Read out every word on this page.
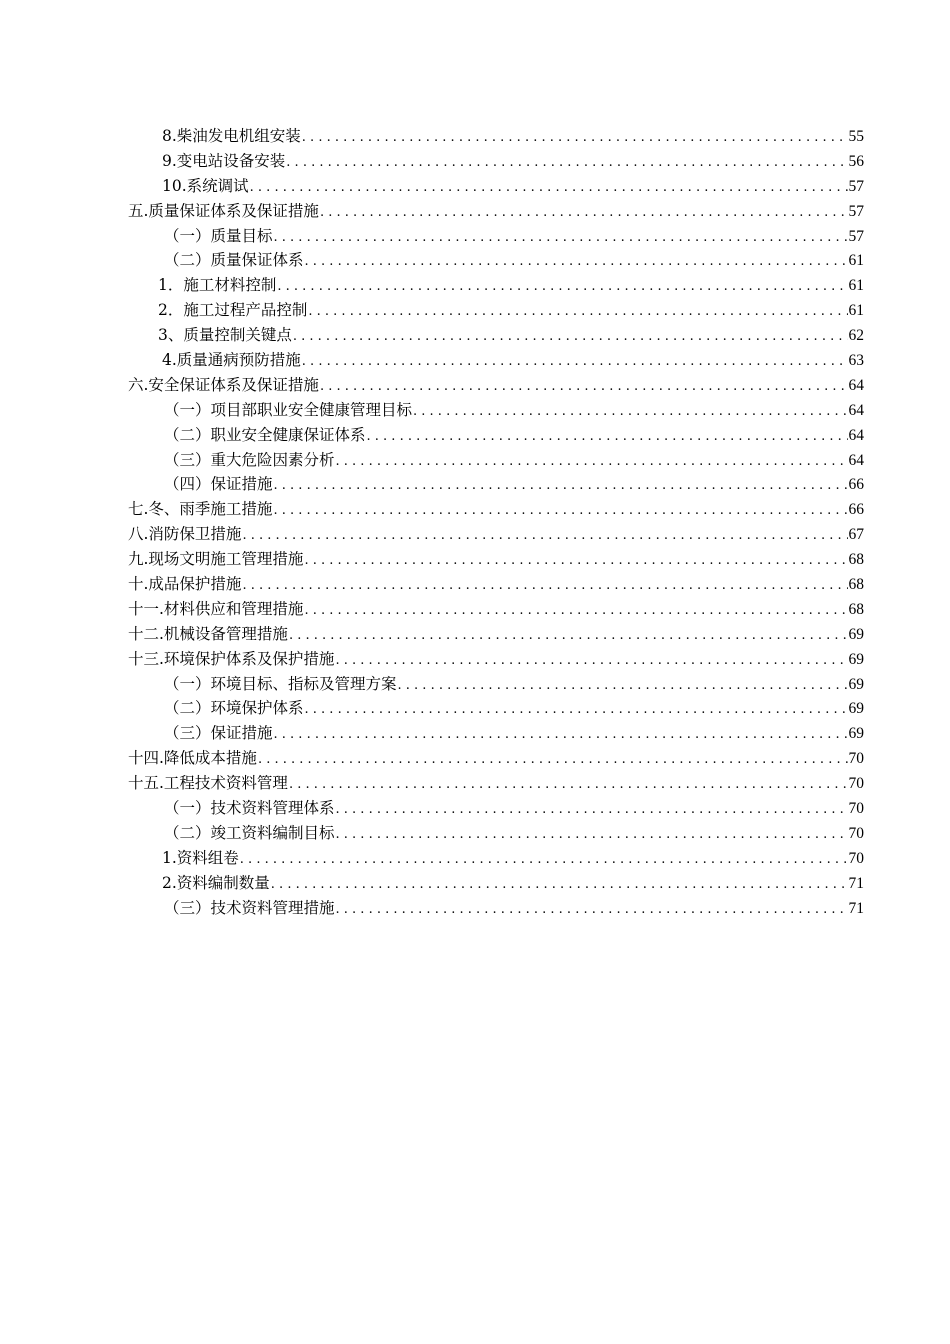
8.柴油发电机组安装 . . .	55
9.变电站设备安装 . . .	56
10.系统调试 . . .	57
五.质量保证体系及保证措施 . . .	57
（一）质量目标 . . .	57
（二）质量保证体系 . . .	61
1．施工材料控制 . . .	61
2．施工过程产品控制 . . .	61
3、质量控制关键点 . . .	62
4.质量通病预防措施 . . .	63
六.安全保证体系及保证措施 . . .	64
（一）项目部职业安全健康管理目标 . . .	64
（二）职业安全健康保证体系 . . .	64
（三）重大危险因素分析 . . .	64
（四）保证措施 . . .	66
七.冬、雨季施工措施 . . .	66
八.消防保卫措施 . . .	67
九.现场文明施工管理措施 . . .	68
十.成品保护措施 . . .	68
十一.材料供应和管理措施 . . .	68
十二.机械设备管理措施 . . .	69
十三.环境保护体系及保护措施 . . .	69
（一）环境目标、指标及管理方案 . . .	69
（二）环境保护体系 . . .	69
（三）保证措施 . . .	69
十四.降低成本措施 . . .	70
十五.工程技术资料管理 . . .	70
（一）技术资料管理体系 . . .	70
（二）竣工资料编制目标 . . .	70
1.资料组卷 . . .	70
2.资料编制数量 . . .	71
（三）技术资料管理措施 . . .	71
